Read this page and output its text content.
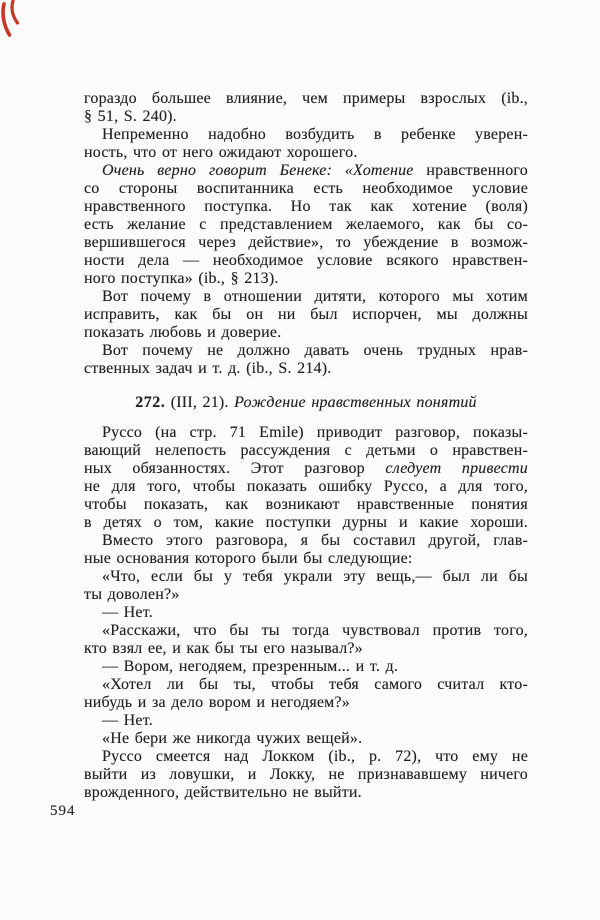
гораздо большее влияние, чем примеры взрослых (ib.,
§ 51, S. 240).
Непременно надобно возбудить в ребенке уверен-
ность, что от него ожидают хорошего.
Очень верно говорит Бенеке: «Хотение нравственного
со стороны воспитанника есть необходимое условие
нравственного поступка. Но так как хотение (воля)
есть желание с представлением желаемого, как бы со-
вершившегося через действие», то убеждение в возмож-
ности дела — необходимое условие всякого нравствен-
ного поступка» (ib., § 213).
Вот почему в отношении дитяти, которого мы хотим
исправить, как бы он ни был испорчен, мы должны
показать любовь и доверие.
Вот почему не должно давать очень трудных нрав-
ственных задач и т. д. (ib., S. 214).
272. (III, 21). Рождение нравственных понятий
Руссо (на стр. 71 Emile) приводит разговор, показы-
вающий нелепость рассуждения с детьми о нравствен-
ных обязанностях. Этот разговор следует привести
не для того, чтобы показать ошибку Руссо, а для того,
чтобы показать, как возникают нравственные понятия
в детях о том, какие поступки дурны и какие хороши.
Вместо этого разговора, я бы составил другой, глав-
ные основания которого были бы следующие:
«Что, если бы у тебя украли эту вещь,— был ли бы
ты доволен?»
— Нет.
«Расскажи, что бы ты тогда чувствовал против того,
кто взял ее, и как бы ты его называл?»
— Вором, негодяем, презренным... и т. д.
«Хотел ли бы ты, чтобы тебя самого считал кто-
нибудь и за дело вором и негодяем?»
— Нет.
«Не бери же никогда чужих вещей».
Руссо смеется над Локком (ib., p. 72), что ему не
выйти из ловушки, и Локку, не признававшему ничего
врожденного, действительно не выйти.
594
